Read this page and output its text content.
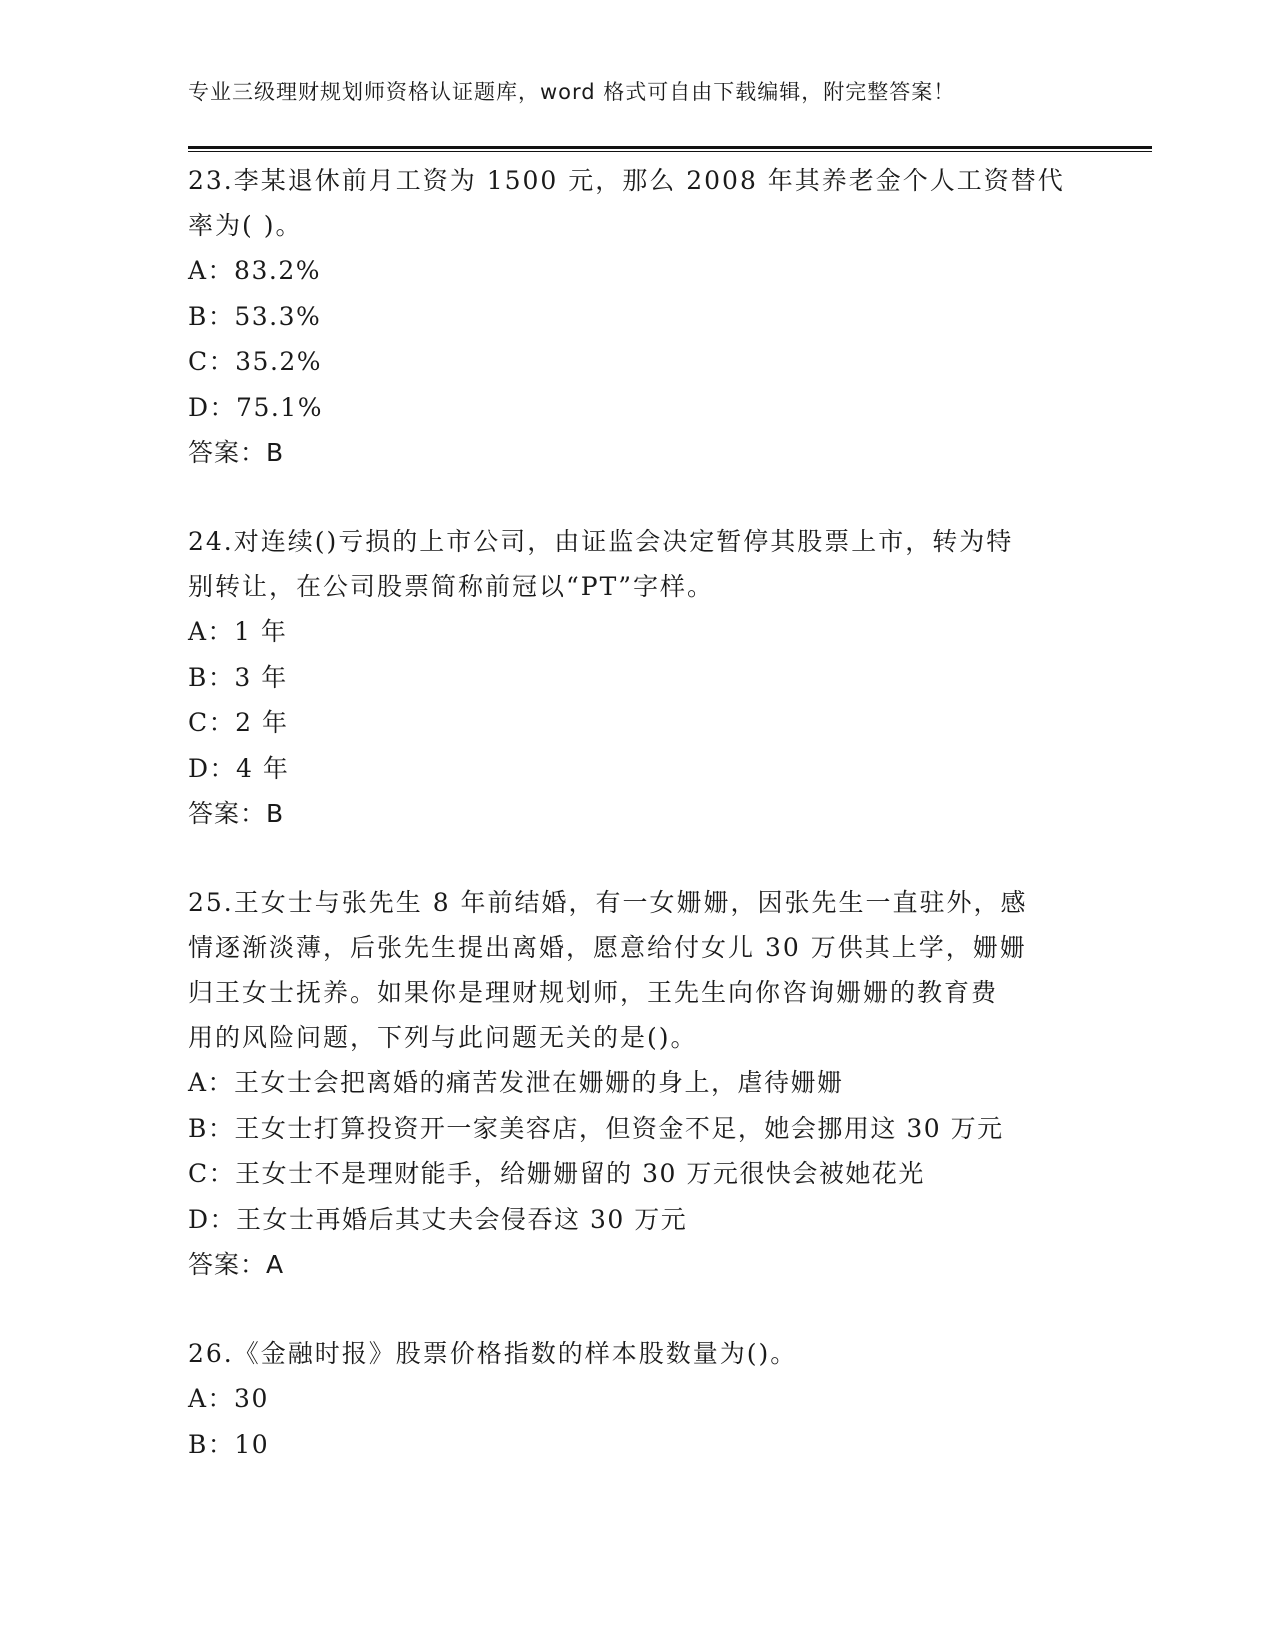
专业三级理财规划师资格认证题库，word 格式可自由下载编辑，附完整答案！

23.李某退休前月工资为 1500 元，那么 2008 年其养老金个人工资替代

率为( )。

A：83.2%

B：53.3%

C：35.2%

D：75.1%

答案：B

24.对连续()亏损的上市公司，由证监会决定暂停其股票上市，转为特

别转让，在公司股票简称前冠以“PT”字样。

A：1 年

B：3 年

C：2 年

D：4 年

答案：B

25.王女士与张先生 8 年前结婚，有一女姗姗，因张先生一直驻外，感

情逐渐淡薄，后张先生提出离婚，愿意给付女儿 30 万供其上学，姗姗

归王女士抚养。如果你是理财规划师，王先生向你咨询姗姗的教育费

用的风险问题，下列与此问题无关的是()。

A：王女士会把离婚的痛苦发泄在姗姗的身上，虐待姗姗

B：王女士打算投资开一家美容店，但资金不足，她会挪用这 30 万元

C：王女士不是理财能手，给姗姗留的 30 万元很快会被她花光

D：王女士再婚后其丈夫会侵吞这 30 万元

答案：A

26.《金融时报》股票价格指数的样本股数量为()。

A：30

B：10
